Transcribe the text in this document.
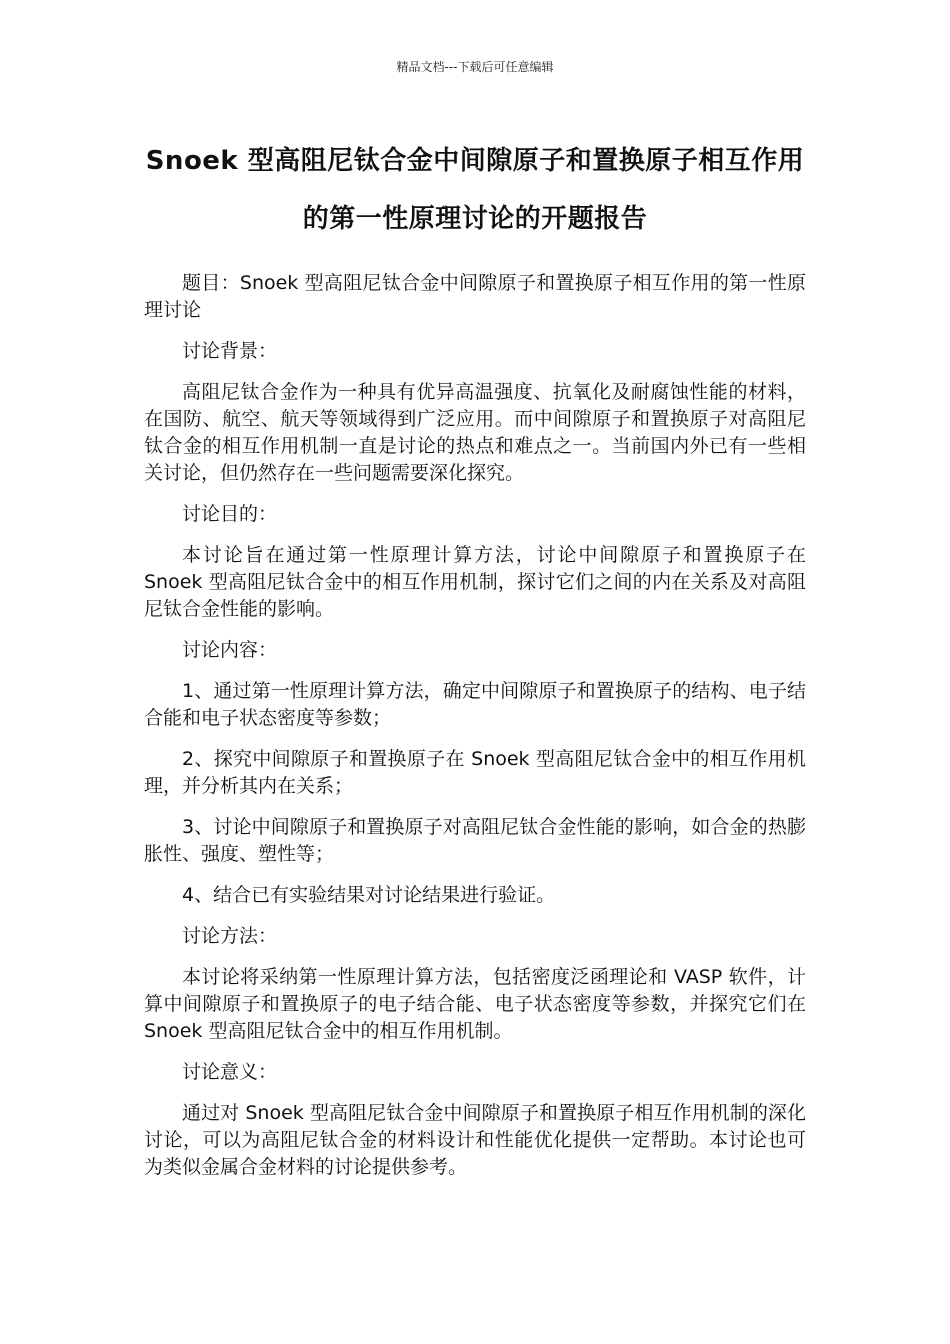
精品文档---下载后可任意编辑
Snoek 型高阻尼钛合金中间隙原子和置换原子相互作用的第一性原理讨论的开题报告

题目：Snoek 型高阻尼钛合金中间隙原子和置换原子相互作用的第一性原理讨论

讨论背景：

高阻尼钛合金作为一种具有优异高温强度、抗氧化及耐腐蚀性能的材料，在国防、航空、航天等领域得到广泛应用。而中间隙原子和置换原子对高阻尼钛合金的相互作用机制一直是讨论的热点和难点之一。当前国内外已有一些相关讨论，但仍然存在一些问题需要深化探究。

讨论目的：

本讨论旨在通过第一性原理计算方法，讨论中间隙原子和置换原子在 Snoek 型高阻尼钛合金中的相互作用机制，探讨它们之间的内在关系及对高阻尼钛合金性能的影响。

讨论内容：

1、通过第一性原理计算方法，确定中间隙原子和置换原子的结构、电子结合能和电子状态密度等参数；

2、探究中间隙原子和置换原子在 Snoek 型高阻尼钛合金中的相互作用机理，并分析其内在关系；

3、讨论中间隙原子和置换原子对高阻尼钛合金性能的影响，如合金的热膨胀性、强度、塑性等；

4、结合已有实验结果对讨论结果进行验证。

讨论方法：

本讨论将采纳第一性原理计算方法，包括密度泛函理论和 VASP 软件，计算中间隙原子和置换原子的电子结合能、电子状态密度等参数，并探究它们在 Snoek 型高阻尼钛合金中的相互作用机制。

讨论意义：

通过对 Snoek 型高阻尼钛合金中间隙原子和置换原子相互作用机制的深化讨论，可以为高阻尼钛合金的材料设计和性能优化提供一定帮助。本讨论也可为类似金属合金材料的讨论提供参考。
